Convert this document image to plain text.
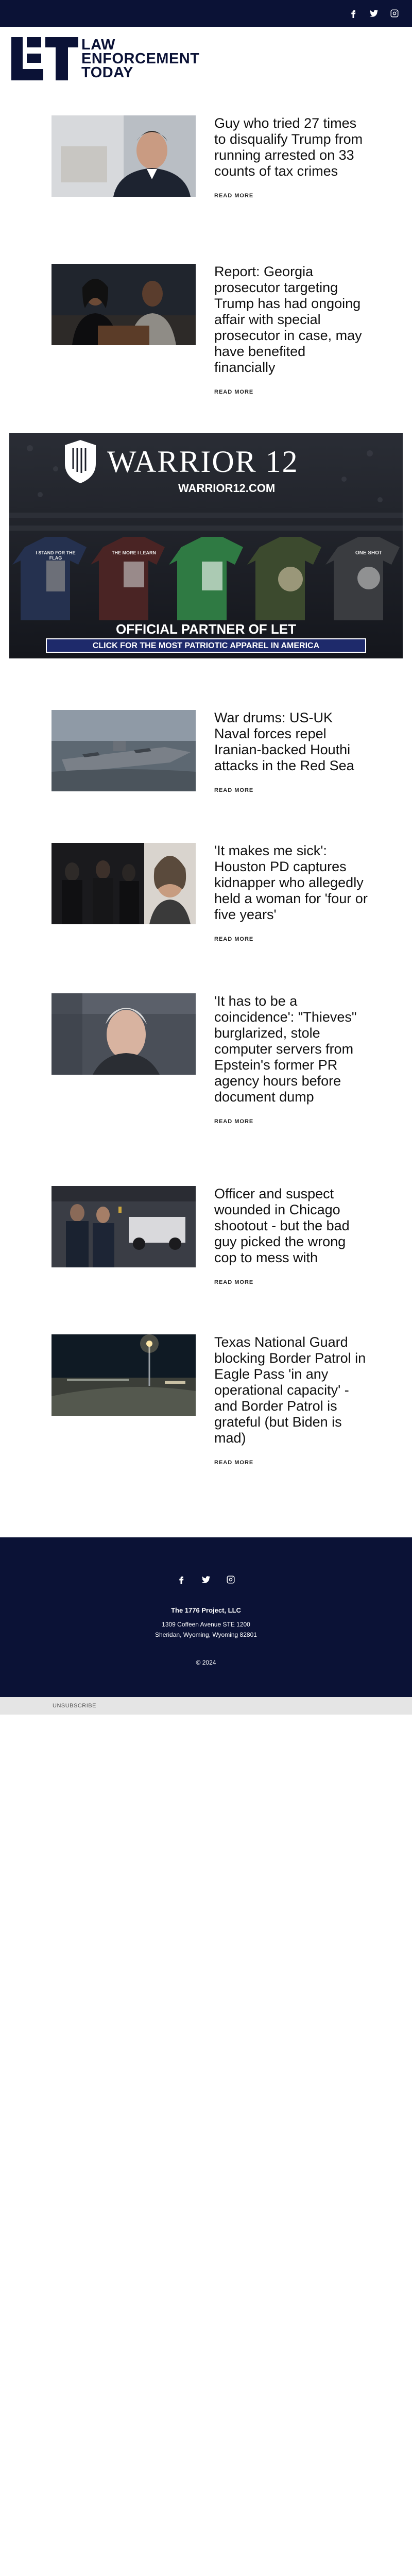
LAW
ENFORCEMENT
TODAY
Guy who tried 27 times to disqualify Trump from running arrested on 33 counts of tax crimes
READ MORE
Report: Georgia prosecutor targeting Trump has had ongoing affair with special prosecutor in case, may have benefited financially
READ MORE
WARRIOR 12
WARRIOR12.COM
I STAND FOR THE FLAG
THE MORE I LEARN	ONE SHOT
OFFICIAL PARTNER OF LET
CLICK FOR THE MOST PATRIOTIC APPAREL IN AMERICA
War drums: US-UK Naval forces repel Iranian-backed Houthi attacks in the Red Sea
READ MORE
'It makes me sick': Houston PD captures kidnapper who allegedly held a woman for 'four or five years'
READ MORE
'It has to be a coincidence': "Thieves" burglarized, stole computer servers from Epstein's former PR agency hours before document dump
READ MORE
Officer and suspect wounded in Chicago shootout - but the bad guy picked the wrong cop to mess with
READ MORE
Texas National Guard blocking Border Patrol in Eagle Pass 'in any operational capacity' - and Border Patrol is grateful (but Biden is mad)
READ MORE
The 1776 Project, LLC
1309 Coffeen Avenue STE 1200
Sheridan, Wyoming, Wyoming 82801
© 2024
UNSUBSCRIBE
